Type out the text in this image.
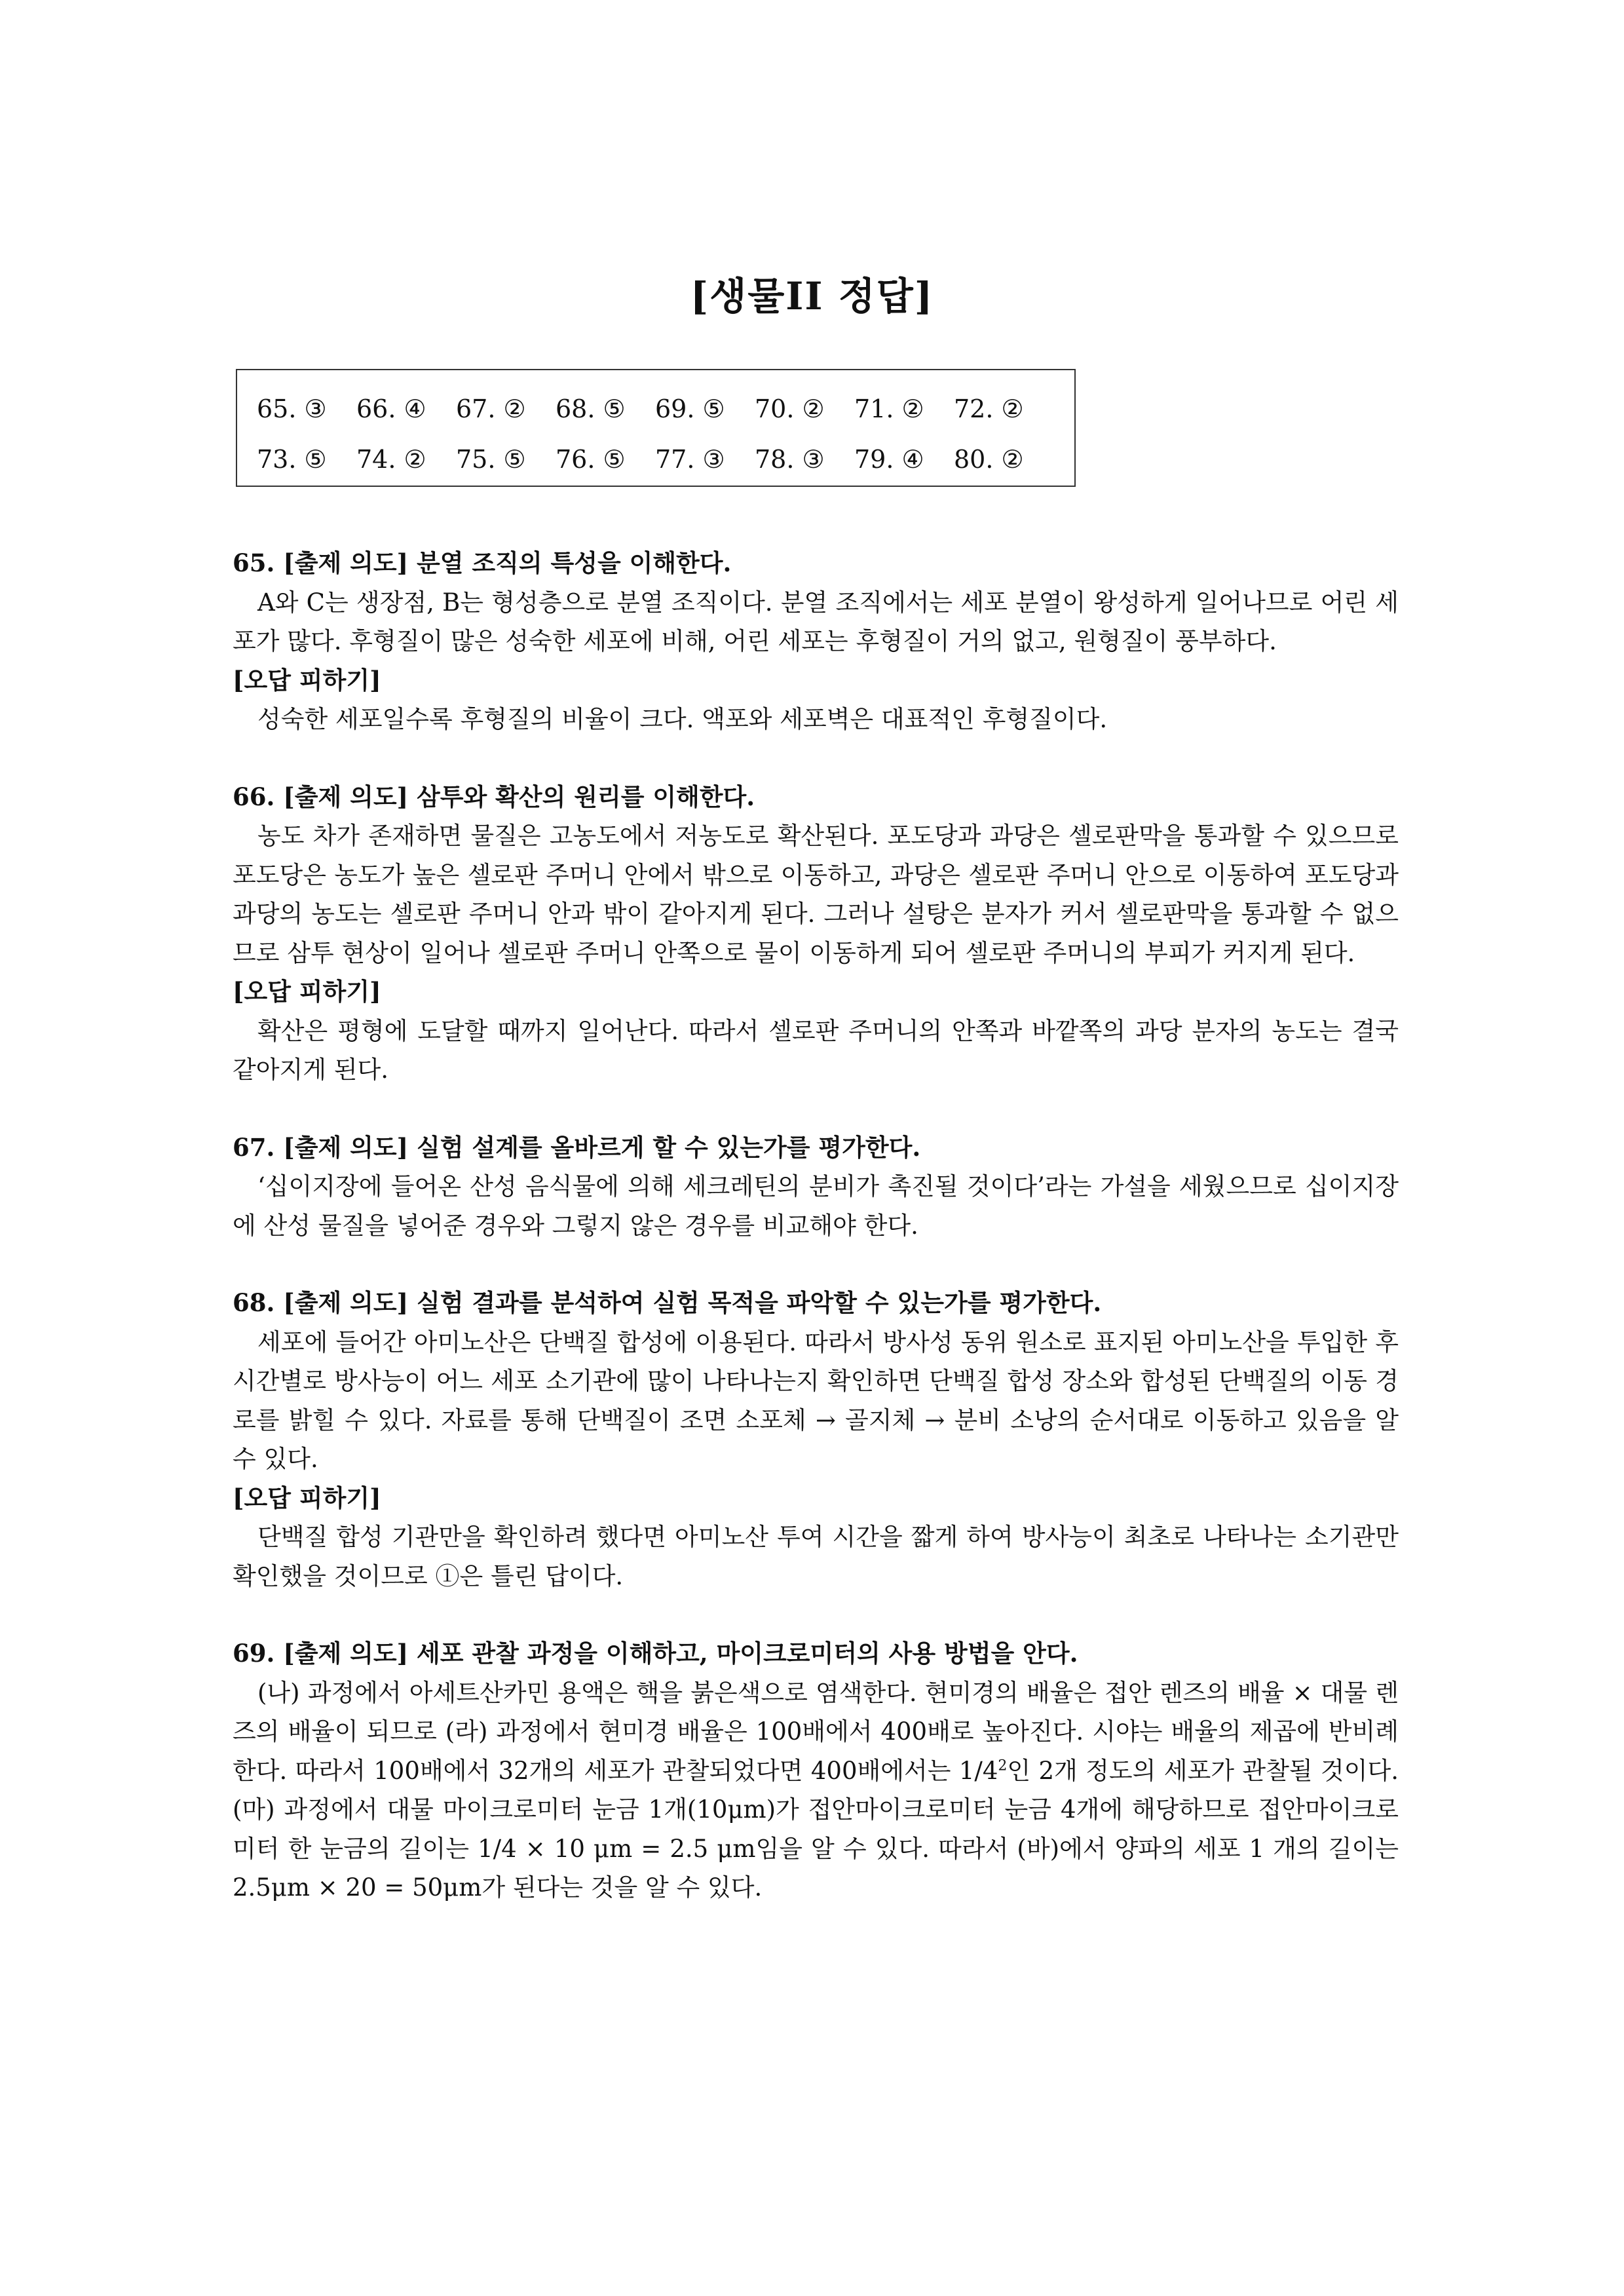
[생물II 정답]
65. ③	66. ④	67. ②	68. ⑤	69. ⑤	70. ②	71. ②	72. ②
73. ⑤	74. ②	75. ⑤	76. ⑤	77. ③	78. ③	79. ④	80. ②
65. [출제 의도] 분열 조직의 특성을 이해한다.
A와 C는 생장점, B는 형성층으로 분열 조직이다. 분열 조직에서는 세포 분열이 왕성하게 일어나므로 어린 세포가 많다. 후형질이 많은 성숙한 세포에 비해, 어린 세포는 후형질이 거의 없고, 원형질이 풍부하다.
[오답 피하기]
성숙한 세포일수록 후형질의 비율이 크다. 액포와 세포벽은 대표적인 후형질이다.
66. [출제 의도] 삼투와 확산의 원리를 이해한다.
농도 차가 존재하면 물질은 고농도에서 저농도로 확산된다. 포도당과 과당은 셀로판막을 통과할 수 있으므로 포도당은 농도가 높은 셀로판 주머니 안에서 밖으로 이동하고, 과당은 셀로판 주머니 안으로 이동하여 포도당과 과당의 농도는 셀로판 주머니 안과 밖이 같아지게 된다. 그러나 설탕은 분자가 커서 셀로판막을 통과할 수 없으므로 삼투 현상이 일어나 셀로판 주머니 안쪽으로 물이 이동하게 되어 셀로판 주머니의 부피가 커지게 된다.
[오답 피하기]
확산은 평형에 도달할 때까지 일어난다. 따라서 셀로판 주머니의 안쪽과 바깥쪽의 과당 분자의 농도는 결국 같아지게 된다.
67. [출제 의도] 실험 설계를 올바르게 할 수 있는가를 평가한다.
‘십이지장에 들어온 산성 음식물에 의해 세크레틴의 분비가 촉진될 것이다’라는 가설을 세웠으므로 십이지장에 산성 물질을 넣어준 경우와 그렇지 않은 경우를 비교해야 한다.
68. [출제 의도] 실험 결과를 분석하여 실험 목적을 파악할 수 있는가를 평가한다.
세포에 들어간 아미노산은 단백질 합성에 이용된다. 따라서 방사성 동위 원소로 표지된 아미노산을 투입한 후 시간별로 방사능이 어느 세포 소기관에 많이 나타나는지 확인하면 단백질 합성 장소와 합성된 단백질의 이동 경로를 밝힐 수 있다. 자료를 통해 단백질이 조면 소포체 → 골지체 → 분비 소낭의 순서대로 이동하고 있음을 알 수 있다.
[오답 피하기]
단백질 합성 기관만을 확인하려 했다면 아미노산 투여 시간을 짧게 하여 방사능이 최초로 나타나는 소기관만 확인했을 것이므로 ①은 틀린 답이다.
69. [출제 의도] 세포 관찰 과정을 이해하고, 마이크로미터의 사용 방법을 안다.
(나) 과정에서 아세트산카민 용액은 핵을 붉은색으로 염색한다. 현미경의 배율은 접안 렌즈의 배율 × 대물 렌즈의 배율이 되므로 (라) 과정에서 현미경 배율은 100배에서 400배로 높아진다. 시야는 배율의 제곱에 반비례한다. 따라서 100배에서 32개의 세포가 관찰되었다면 400배에서는 $1/4^2$인 2개 정도의 세포가 관찰될 것이다. (마) 과정에서 대물 마이크로미터 눈금 1개(10μm)가 접안마이크로미터 눈금 4개에 해당하므로 접안마이크로미터 한 눈금의 길이는 1/4 × 10 μm = 2.5 μm임을 알 수 있다. 따라서 (바)에서 양파의 세포 1 개의 길이는 2.5μm × 20 = 50μm가 된다는 것을 알 수 있다.
